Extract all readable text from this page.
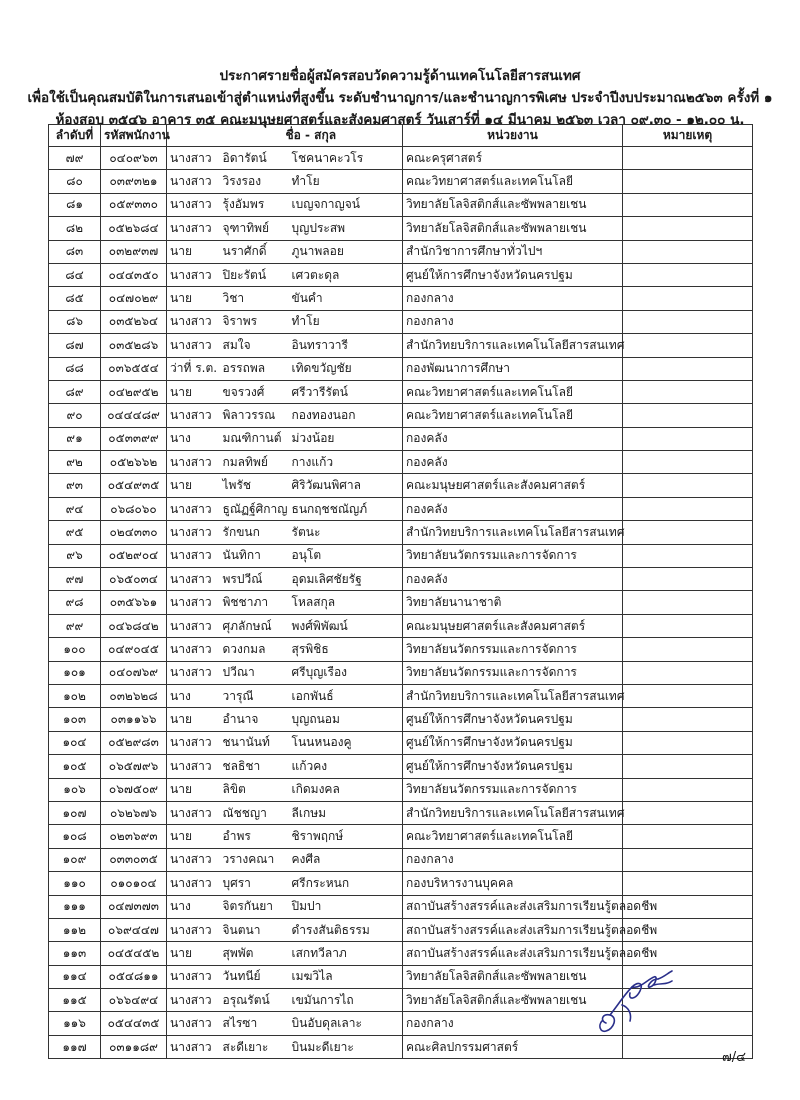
ประกาศรายชื่อผู้สมัครสอบวัดความรู้ด้านเทคโนโลยีสารสนเทศ
เพื่อใช้เป็นคุณสมบัติในการเสนอเข้าสู่ตำแหน่งที่สูงขึ้น ระดับชำนาญการ/และชำนาญการพิเศษ ประจำปีงบประมาณ๒๕๖๓ ครั้งที่ ๑
ห้องสอบ ๓๕๔๖ อาคาร ๓๕ คณะมนุษยศาสตร์และสังคมศาสตร์ วันเสาร์ที่ ๑๔ มีนาคม ๒๕๖๓ เวลา ๐๙.๓๐ - ๑๒.๐๐ น.
ลำดับที่	รหัสพนักงาน		ชื่อ - สกุล		หน่วยงาน	หมายเหตุ
๗๙	๐๔๐๙๖๓	นางสาว	อิดารัตน์	โชคนาคะวโร	คณะครุศาสตร์	
๘๐	๐๓๙๓๒๑	นางสาว	วิรงรอง	ทำโย	คณะวิทยาศาสตร์และเทคโนโลยี	
๘๑	๐๕๙๓๓๐	นางสาว	รุ้งอัมพร	เบญจกาญจน์	วิทยาลัยโลจิสติกส์และซัพพลายเชน	
๘๒	๐๕๒๖๘๔	นางสาว	จุฑาทิพย์	บุญประสพ	วิทยาลัยโลจิสติกส์และซัพพลายเชน	
๘๓	๐๓๒๙๓๗	นาย	นราศักดิ์	ภูนาพลอย	สำนักวิชาการศึกษาทั่วไปฯ	
๘๔	๐๔๔๓๕๐	นางสาว	ปิยะรัตน์	เศวตะดุล	ศูนย์ให้การศึกษาจังหวัดนครปฐม	
๘๕	๐๔๗๐๒๙	นาย	วิชา	ขันคำ	กองกลาง	
๘๖	๐๓๕๒๖๔	นางสาว	จิราพร	ทำโย	กองกลาง	
๘๗	๐๓๕๒๘๖	นางสาว	สมใจ	อินทราวารี	สำนักวิทยบริการและเทคโนโลยีสารสนเทศ	
๘๘	๐๓๖๕๕๔	ว่าที่ ร.ต.	อรรถพล	เทิดขวัญชัย	กองพัฒนาการศึกษา	
๘๙	๐๔๒๙๕๒	นาย	ขจรวงศ์	ศรีวารีรัตน์	คณะวิทยาศาสตร์และเทคโนโลยี	
๙๐	๐๔๔๔๘๙	นางสาว	พิลาวรรณ	กองทองนอก	คณะวิทยาศาสตร์และเทคโนโลยี	
๙๑	๐๕๓๓๙๙	นาง	มณฑิกานต์	ม่วงน้อย	กองคลัง	
๙๒	๐๕๒๖๖๒	นางสาว	กมลทิพย์	กางแก้ว	กองคลัง	
๙๓	๐๕๔๙๓๕	นาย	ไพรัช	ศิริวัฒนพิศาล	คณะมนุษยศาสตร์และสังคมศาสตร์	
๙๔	๐๖๘๐๖๐	นางสาว	ธูณัฏฐ์ศิกาญ	ธนกฤชชณัญภ์	กองคลัง	
๙๕	๐๒๔๓๓๐	นางสาว	รักขนก	รัตนะ	สำนักวิทยบริการและเทคโนโลยีสารสนเทศ	
๙๖	๐๕๒๙๐๔	นางสาว	นันทิกา	อนุโต	วิทยาลัยนวัตกรรมและการจัดการ	
๙๗	๐๖๕๐๓๔	นางสาว	พรปวีณ์	อุดมเลิศชัยรัฐ	กองคลัง	
๙๘	๐๓๕๖๖๑	นางสาว	พิชชาภา	โหลสกุล	วิทยาลัยนานาชาติ	
๙๙	๐๔๖๘๔๒	นางสาว	ศุภลักษณ์	พงศ์พิพัฒน์	คณะมนุษยศาสตร์และสังคมศาสตร์	
๑๐๐	๐๔๙๐๔๕	นางสาว	ดวงกมล	สุรพิชิธ	วิทยาลัยนวัตกรรมและการจัดการ	
๑๐๑	๐๔๐๗๖๙	นางสาว	ปวีณา	ศรีบุญเรือง	วิทยาลัยนวัตกรรมและการจัดการ	
๑๐๒	๐๓๒๖๒๘	นาง	วารุณี	เอกพันธ์	สำนักวิทยบริการและเทคโนโลยีสารสนเทศ	
๑๐๓	๐๓๑๑๖๖	นาย	อำนาจ	บุญถนอม	ศูนย์ให้การศึกษาจังหวัดนครปฐม	
๑๐๔	๐๕๒๙๘๓	นางสาว	ชนานันท์	โนนหนองคู	ศูนย์ให้การศึกษาจังหวัดนครปฐม	
๑๐๕	๐๖๕๗๙๖	นางสาว	ชลธิชา	แก้วคง	ศูนย์ให้การศึกษาจังหวัดนครปฐม	
๑๐๖	๐๖๗๕๐๙	นาย	ลิขิต	เกิดมงคล	วิทยาลัยนวัตกรรมและการจัดการ	
๑๐๗	๐๖๒๖๗๖	นางสาว	ณัชชญา	ลีเกษม	สำนักวิทยบริการและเทคโนโลยีสารสนเทศ	
๑๐๘	๐๒๓๖๙๓	นาย	อำพร	ชิราพฤกษ์	คณะวิทยาศาสตร์และเทคโนโลยี	
๑๐๙	๐๓๓๐๓๕	นางสาว	วรางคณา	คงศีล	กองกลาง	
๑๑๐	๐๑๐๑๐๔	นางสาว	บุศรา	ศรีกระหนก	กองบริหารงานบุคคล	
๑๑๑	๐๔๗๓๗๓	นาง	จิตรกันยา	ปิมปา	สถาบันสร้างสรรค์และส่งเสริมการเรียนรู้ตลอดชีพ	
๑๑๒	๐๖๙๔๔๗	นางสาว	จินตนา	ดำรงสันติธรรม	สถาบันสร้างสรรค์และส่งเสริมการเรียนรู้ตลอดชีพ	
๑๑๓	๐๔๕๔๕๒	นาย	สุพพัต	เสกทวีลาภ	สถาบันสร้างสรรค์และส่งเสริมการเรียนรู้ตลอดชีพ	
๑๑๔	๐๕๔๘๑๑	นางสาว	วันทนีย์	เมฆวิไล	วิทยาลัยโลจิสติกส์และซัพพลายเชน	
๑๑๕	๐๖๖๔๙๔	นางสาว	อรุณรัตน์	เขมันการไถ	วิทยาลัยโลจิสติกส์และซัพพลายเชน	
๑๑๖	๐๕๔๔๓๕	นางสาว	สไรซา	บินอับดุลเลาะ	กองกลาง	
๑๑๗	๐๓๑๑๘๙	นางสาว	สะดีเยาะ	บินมะดีเยาะ	คณะศิลปกรรมศาสตร์	
๗/๔
